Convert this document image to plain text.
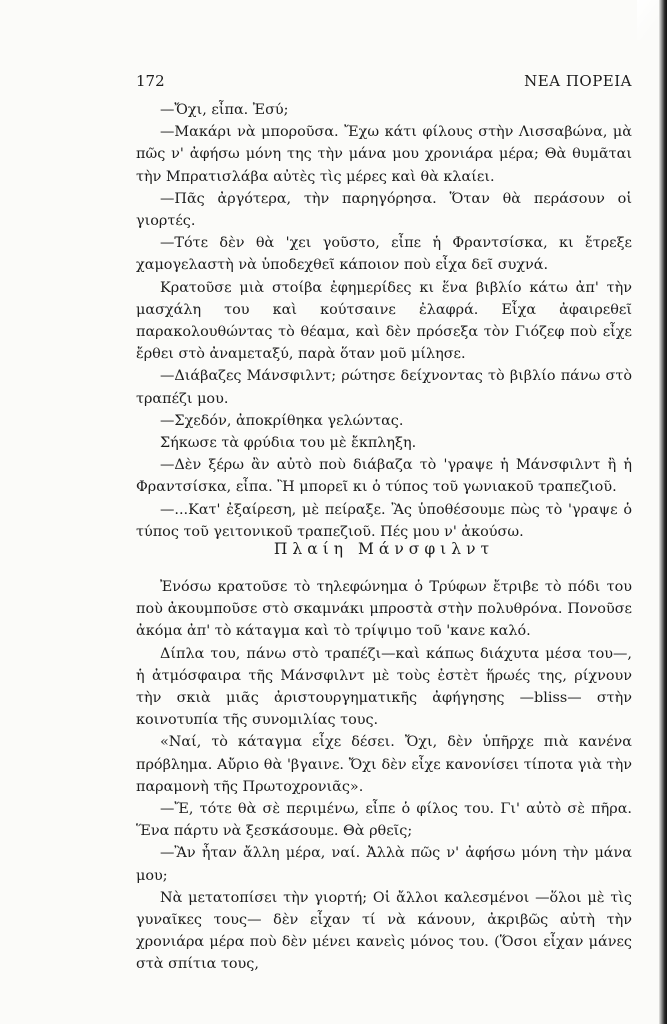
172	ΝΕΑ ΠΟΡΕΙΑ

—Ὄχι, εἶπα. Ἐσύ;

—Μακάρι νὰ μποροῦσα. Ἔχω κάτι φίλους στὴν Λισσαβώνα, μὰ πῶς ν' ἀφήσω μόνη της τὴν μάνα μου χρονιάρα μέρα; Θὰ θυμᾶται τὴν Μπρατισλάβα αὐτὲς τὶς μέρες καὶ θὰ κλαίει.

—Πᾶς ἀργότερα, τὴν παρηγόρησα. Ὅταν θὰ περάσουν οἱ γιορτές.

—Τότε δὲν θὰ 'χει γοῦστο, εἶπε ἡ Φραντσίσκα, κι ἔτρεξε χαμογελαστὴ νὰ ὑποδεχθεῖ κάποιον ποὺ εἶχα δεῖ συχνά.

Κρατοῦσε μιὰ στοίβα ἐφημερίδες κι ἕνα βιβλίο κάτω ἀπ' τὴν μασχάλη του καὶ κούτσαινε ἐλαφρά. Εἶχα ἀφαιρεθεῖ παρακολουθώντας τὸ θέαμα, καὶ δὲν πρόσεξα τὸν Γιόζεφ ποὺ εἶχε ἔρθει στὸ ἀναμεταξύ, παρὰ ὅταν μοῦ μίλησε.

—Διάβαζες Μάνσφιλντ; ρώτησε δείχνοντας τὸ βιβλίο πάνω στὸ τραπέζι μου.

—Σχεδόν, ἀποκρίθηκα γελώντας.

Σήκωσε τὰ φρύδια του μὲ ἔκπληξη.

—Δὲν ξέρω ἂν αὐτὸ ποὺ διάβαζα τὸ 'γραψε ἡ Μάνσφιλντ ἢ ἡ Φραντσίσκα, εἶπα. Ἢ μπορεῖ κι ὁ τύπος τοῦ γωνιακοῦ τραπεζιοῦ.

—...Κατ' ἐξαίρεση, μὲ πείραξε. Ἂς ὑποθέσουμε πὼς τὸ 'γραψε ὁ τύπος τοῦ γειτονικοῦ τραπεζιοῦ. Πές μου ν' ἀκούσω.

Πλαίη Μάνσφιλντ

Ἐνόσω κρατοῦσε τὸ τηλεφώνημα ὁ Τρύφων ἔτριβε τὸ πόδι του ποὺ ἀκουμποῦσε στὸ σκαμνάκι μπροστὰ στὴν πολυθρόνα. Πονοῦσε ἀκόμα ἀπ' τὸ κάταγμα καὶ τὸ τρίψιμο τοῦ 'κανε καλό.

Δίπλα του, πάνω στὸ τραπέζι—καὶ κάπως διάχυτα μέσα του—, ἡ ἀτμόσφαιρα τῆς Μάνσφιλντ μὲ τοὺς ἐστὲτ ἥρωές της, ρίχνουν τὴν σκιὰ μιᾶς ἀριστουργηματικῆς ἀφήγησης —bliss— στὴν κοινοτυπία τῆς συνομιλίας τους.

«Ναί, τὸ κάταγμα εἶχε δέσει. Ὄχι, δὲν ὑπῆρχε πιὰ κανένα πρόβλημα. Αὔριο θὰ 'βγαινε. Ὄχι δὲν εἶχε κανονίσει τίποτα γιὰ τὴν παραμονὴ τῆς Πρωτοχρονιᾶς».

—Ἔ, τότε θὰ σὲ περιμένω, εἶπε ὁ φίλος του. Γι' αὐτὸ σὲ πῆρα. Ἕνα πάρτυ νὰ ξεσκάσουμε. Θὰ ρθεῖς;

—Ἂν ἦταν ἄλλη μέρα, ναί. Ἀλλὰ πῶς ν' ἀφήσω μόνη τὴν μάνα μου;

Νὰ μετατοπίσει τὴν γιορτή; Οἱ ἄλλοι καλεσμένοι —ὅλοι μὲ τὶς γυναῖκες τους— δὲν εἶχαν τί νὰ κάνουν, ἀκριβῶς αὐτὴ τὴν χρονιάρα μέρα ποὺ δὲν μένει κανεὶς μόνος του. (Ὅσοι εἶχαν μάνες στὰ σπίτια τους,
